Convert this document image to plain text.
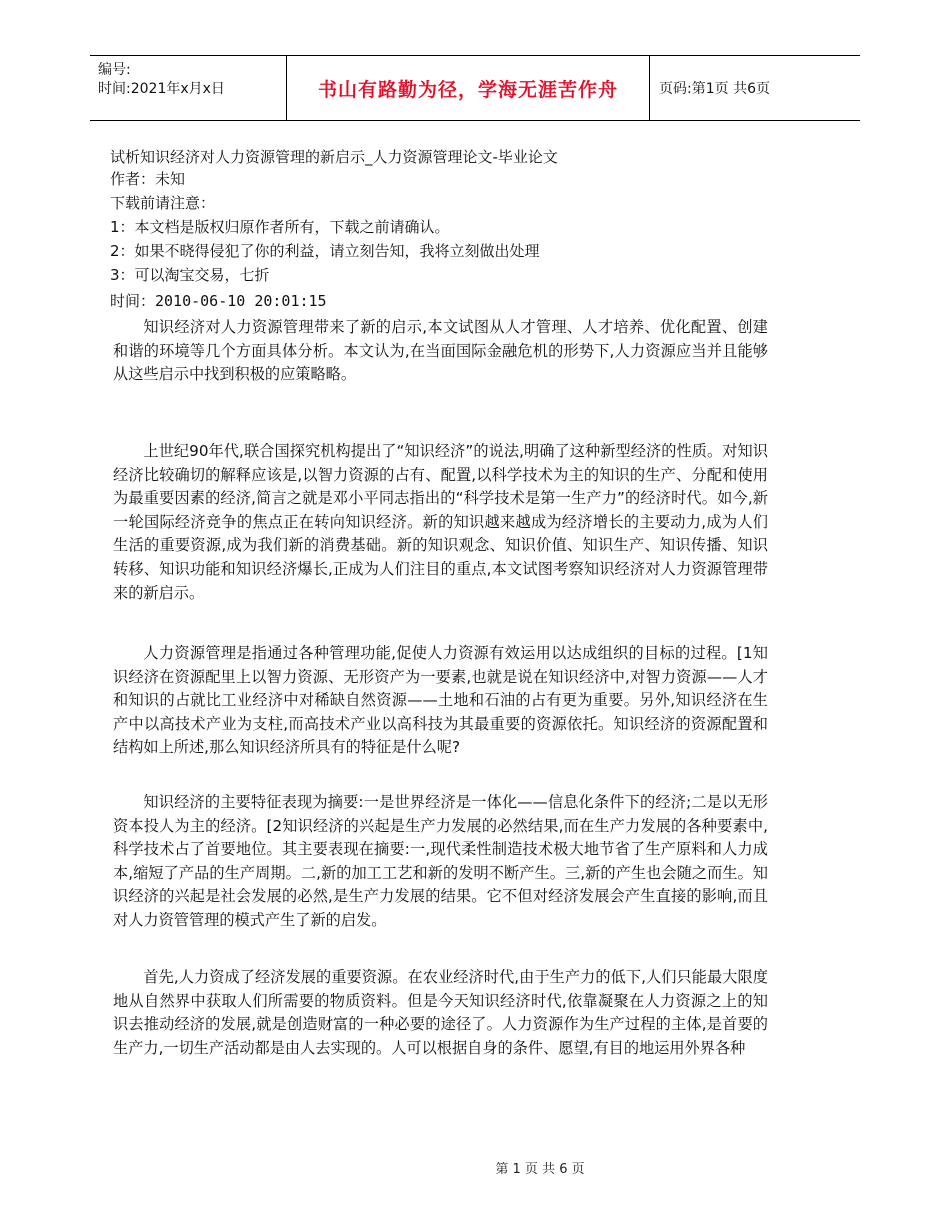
编号:
时间:2021年x月x日	书山有路勤为径，学海无涯苦作舟	页码:第1页 共6页
试析知识经济对人力资源管理的新启示_人力资源管理论文-毕业论文
作者：未知
下载前请注意：
1：本文档是版权归原作者所有，下载之前请确认。
2：如果不晓得侵犯了你的利益，请立刻告知，我将立刻做出处理
3：可以淘宝交易，七折
时间：2010-06-10 20:01:15

知识经济对人力资源管理带来了新的启示,本文试图从人才管理、人才培养、优化配置、创建和谐的环境等几个方面具体分析。本文认为,在当面国际金融危机的形势下,人力资源应当并且能够从这些启示中找到积极的应策略略。

上世纪90年代,联合国探究机构提出了“知识经济”的说法,明确了这种新型经济的性质。对知识经济比较确切的解释应该是,以智力资源的占有、配置,以科学技术为主的知识的生产、分配和使用为最重要因素的经济,简言之就是邓小平同志指出的“科学技术是第一生产力”的经济时代。如今,新一轮国际经济竞争的焦点正在转向知识经济。新的知识越来越成为经济增长的主要动力,成为人们生活的重要资源,成为我们新的消费基础。新的知识观念、知识价值、知识生产、知识传播、知识转移、知识功能和知识经济爆长,正成为人们注目的重点,本文试图考察知识经济对人力资源管理带来的新启示。

人力资源管理是指通过各种管理功能,促使人力资源有效运用以达成组织的目标的过程。[1知识经济在资源配里上以智力资源、无形资产为一要素,也就是说在知识经济中,对智力资源——人才和知识的占就比工业经济中对稀缺自然资源——土地和石油的占有更为重要。另外,知识经济在生产中以高技术产业为支柱,而高技术产业以高科技为其最重要的资源依托。知识经济的资源配置和结构如上所述,那么知识经济所具有的特征是什么呢?

知识经济的主要特征表现为摘要:一是世界经济是一体化——信息化条件下的经济;二是以无形资本投人为主的经济。[2知识经济的兴起是生产力发展的必然结果,而在生产力发展的各种要素中,科学技术占了首要地位。其主要表现在摘要:一,现代柔性制造技术极大地节省了生产原料和人力成本,缩短了产品的生产周期。二,新的加工工艺和新的发明不断产生。三,新的产生也会随之而生。知识经济的兴起是社会发展的必然,是生产力发展的结果。它不但对经济发展会产生直接的影响,而且对人力资管管理的模式产生了新的启发。

首先,人力资成了经济发展的重要资源。在农业经济时代,由于生产力的低下,人们只能最大限度地从自然界中获取人们所需要的物质资料。但是今天知识经济时代,依靠凝聚在人力资源之上的知识去推动经济的发展,就是创造财富的一种必要的途径了。人力资源作为生产过程的主体,是首要的生产力,一切生产活动都是由人去实现的。人可以根据自身的条件、愿望,有目的地运用外界各种

第 1 页 共 6 页
